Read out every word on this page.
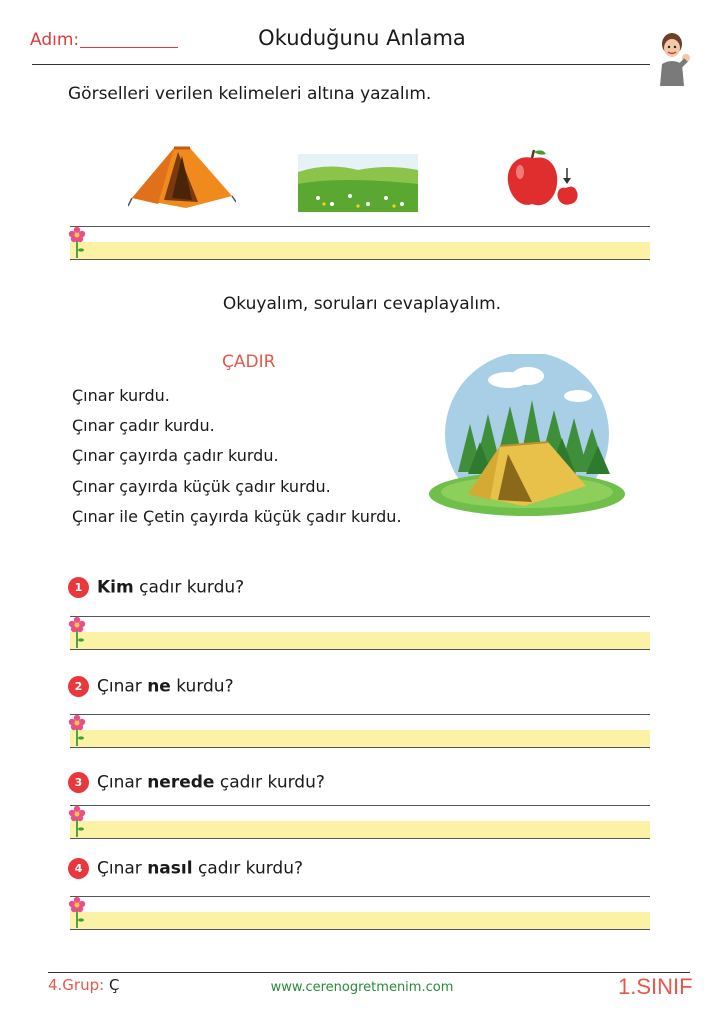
Adım:	Okuduğunu Anlama
Görselleri verilen kelimeleri altına yazalım.
Okuyalım, soruları cevaplayalım.
ÇADIR
Çınar kurdu.
Çınar çadır kurdu.
Çınar çayırda çadır kurdu.
Çınar çayırda küçük çadır kurdu.
Çınar ile Çetin çayırda küçük çadır kurdu.
1 Kim çadır kurdu?
2 Çınar ne kurdu?
3 Çınar nerede çadır kurdu?
4 Çınar nasıl çadır kurdu?
4.Grup: Ç	www.cerenogretmenim.com	1.SINIF
